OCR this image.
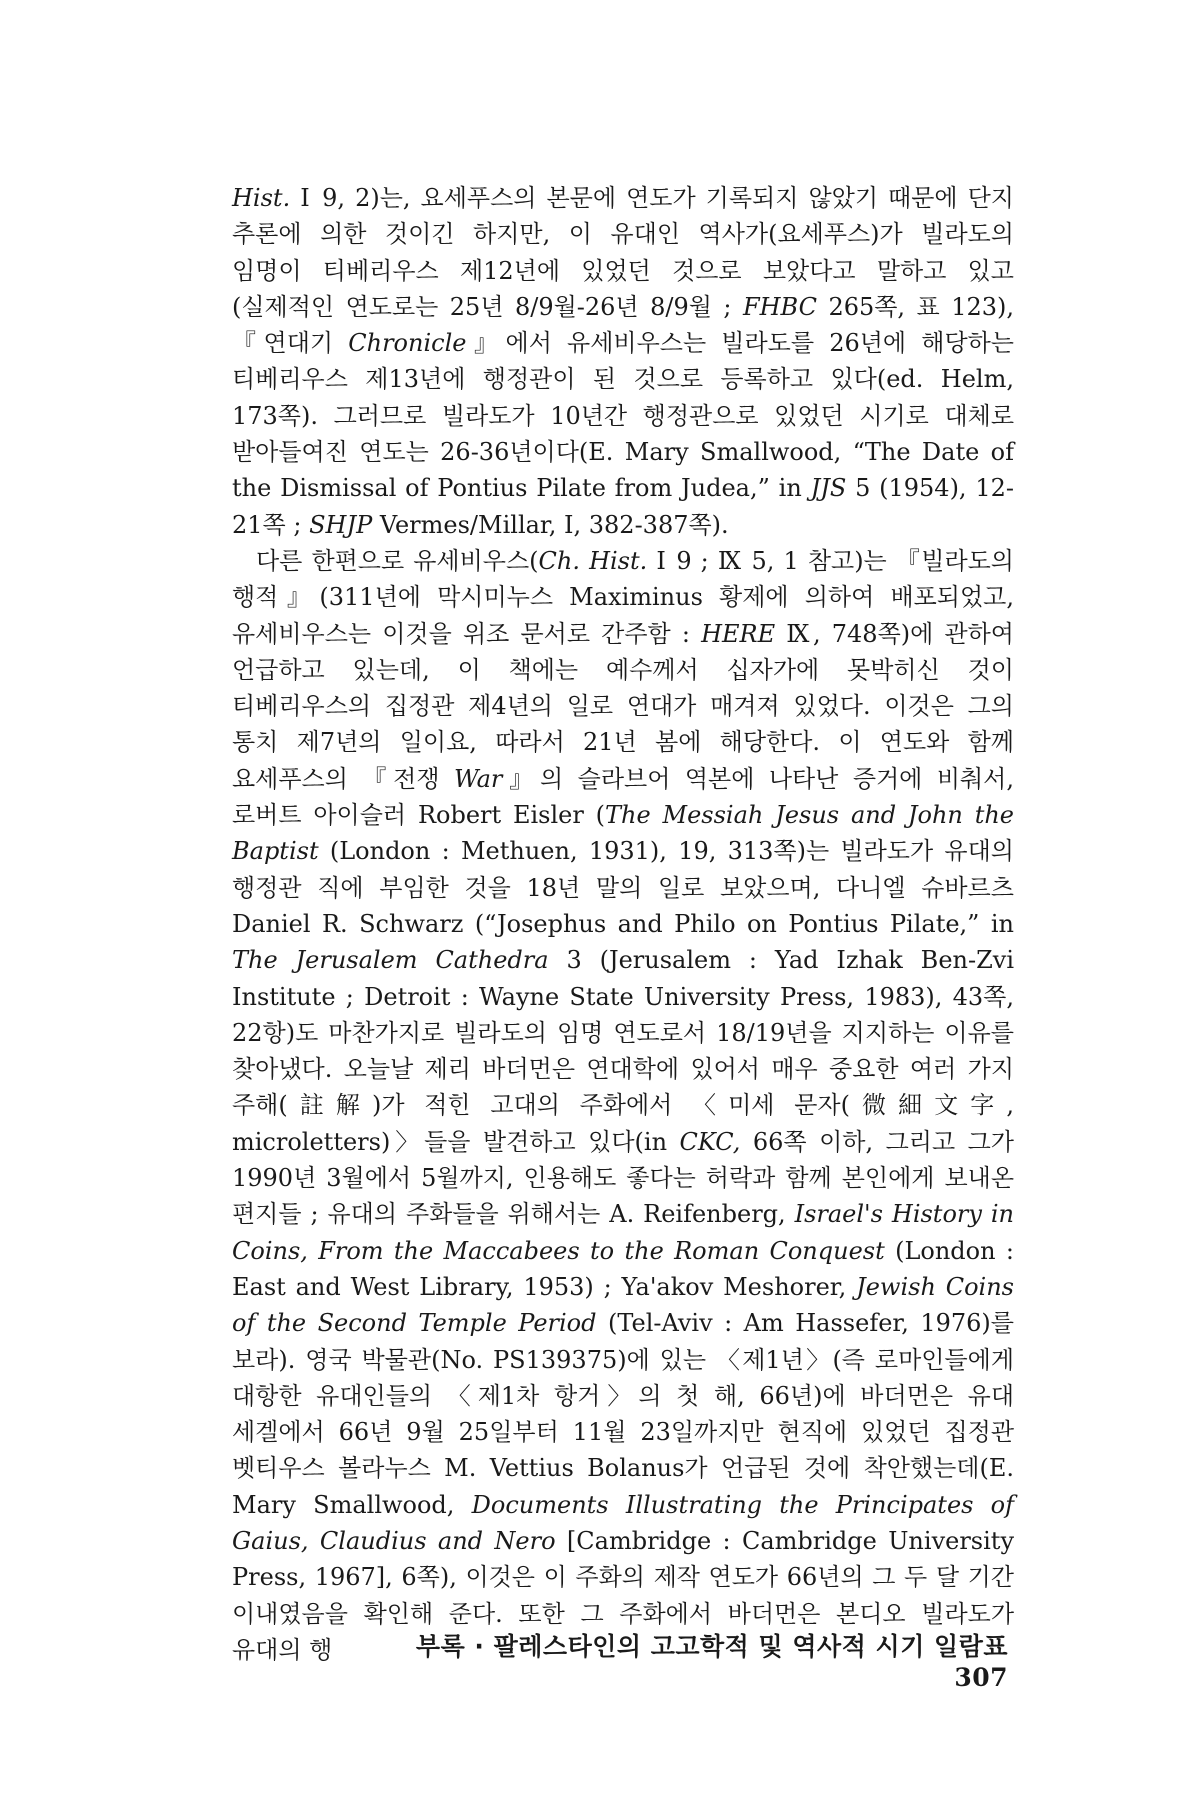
Hist. Ⅰ 9, 2)는, 요세푸스의 본문에 연도가 기록되지 않았기 때문에 단지 추론에 의한 것이긴 하지만, 이 유대인 역사가(요세푸스)가 빌라도의 임명이 티베리우스 제12년에 있었던 것으로 보았다고 말하고 있고(실제적인 연도로는 25년 8/9월-26년 8/9월 ; FHBC 265쪽, 표 123), 『연대기 Chronicle』에서 유세비우스는 빌라도를 26년에 해당하는 티베리우스 제13년에 행정관이 된 것으로 등록하고 있다(ed. Helm, 173쪽). 그러므로 빌라도가 10년간 행정관으로 있었던 시기로 대체로 받아들여진 연도는 26-36년이다(E. Mary Smallwood, “The Date of the Dismissal of Pontius Pilate from Judea,” in JJS 5 (1954), 12-21쪽 ; SHJP Vermes/Millar, Ⅰ, 382-387쪽).

다른 한편으로 유세비우스(Ch. Hist. Ⅰ 9 ; Ⅸ 5, 1 참고)는 『빌라도의 행적』(311년에 막시미누스 Maximinus 황제에 의하여 배포되었고, 유세비우스는 이것을 위조 문서로 간주함 : HERE Ⅸ, 748쪽)에 관하여 언급하고 있는데, 이 책에는 예수께서 십자가에 못박히신 것이 티베리우스의 집정관 제4년의 일로 연대가 매겨져 있었다. 이것은 그의 통치 제7년의 일이요, 따라서 21년 봄에 해당한다. 이 연도와 함께 요세푸스의 『전쟁 War』의 슬라브어 역본에 나타난 증거에 비춰서, 로버트 아이슬러 Robert Eisler (The Messiah Jesus and John the Baptist (London : Methuen, 1931), 19, 313쪽)는 빌라도가 유대의 행정관 직에 부임한 것을 18년 말의 일로 보았으며, 다니엘 슈바르츠 Daniel R. Schwarz (“Josephus and Philo on Pontius Pilate,” in The Jerusalem Cathedra 3 (Jerusalem : Yad Izhak Ben-Zvi Institute ; Detroit : Wayne State University Press, 1983), 43쪽, 22항)도 마찬가지로 빌라도의 임명 연도로서 18/19년을 지지하는 이유를 찾아냈다. 오늘날 제리 바더먼은 연대학에 있어서 매우 중요한 여러 가지 주해(註解)가 적힌 고대의 주화에서 〈미세 문자(微細文字, microletters)〉들을 발견하고 있다(in CKC, 66쪽 이하, 그리고 그가 1990년 3월에서 5월까지, 인용해도 좋다는 허락과 함께 본인에게 보내온 편지들 ; 유대의 주화들을 위해서는 A. Reifenberg, Israel's History in Coins, From the Maccabees to the Roman Conquest (London : East and West Library, 1953) ; Ya'akov Meshorer, Jewish Coins of the Second Temple Period (Tel-Aviv : Am Hassefer, 1976)를 보라). 영국 박물관(No. PS139375)에 있는 〈제1년〉(즉 로마인들에게 대항한 유대인들의 〈제1차 항거〉의 첫 해, 66년)에 바더먼은 유대 세겔에서 66년 9월 25일부터 11월 23일까지만 현직에 있었던 집정관 벳티우스 볼라누스 M. Vettius Bolanus가 언급된 것에 착안했는데(E. Mary Smallwood, Documents Illustrating the Principates of Gaius, Claudius and Nero [Cambridge : Cambridge University Press, 1967], 6쪽), 이것은 이 주화의 제작 연도가 66년의 그 두 달 기간 이내였음을 확인해 준다. 또한 그 주화에서 바더먼은 본디오 빌라도가 유대의 행	부록 · 팔레스타인의 고고학적 및 역사적 시기 일람표307
